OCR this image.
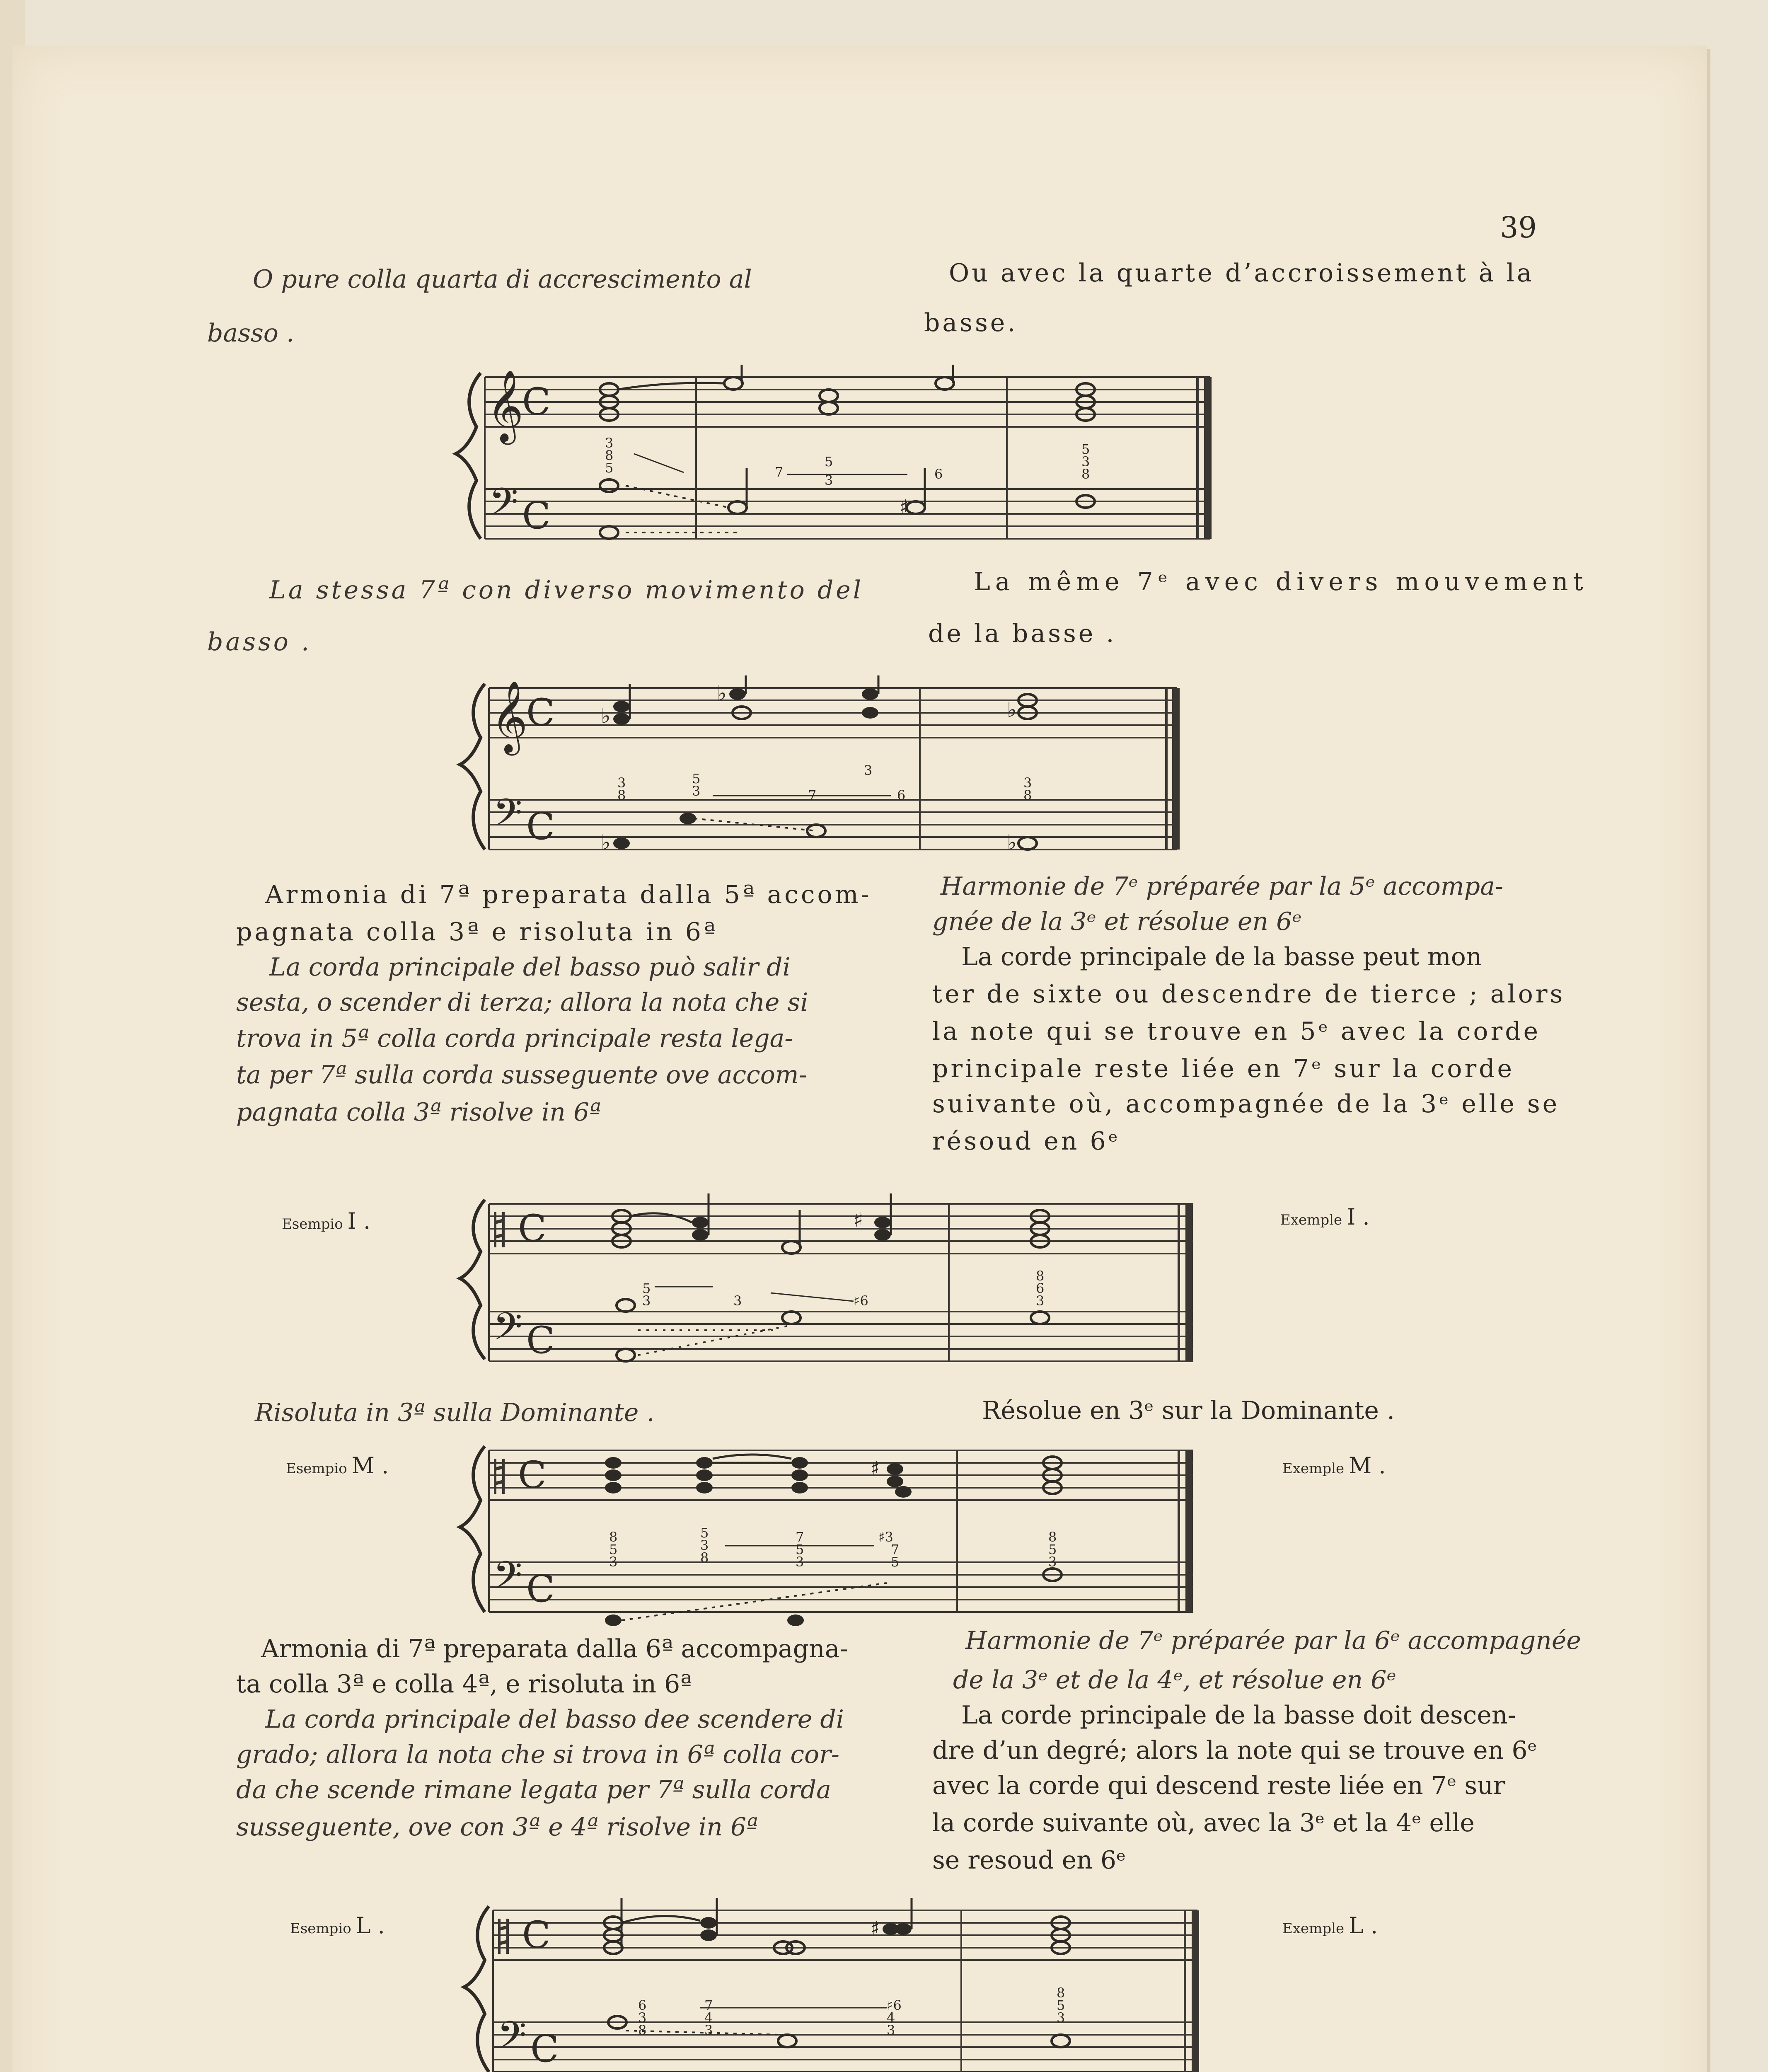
39
O pure colla quarta di accrescimento al
basso .
Ou avec la quarte d’accroissement à la
basse.
𝄞
C
𝄢 C
3
8
5	7
5
3	6
5
3
8
♯
La stessa 7ª con diverso movimento del
basso .
La même 7ᵉ avec divers mouvement
de la basse .
𝄞
C
𝄢 C
♭
♭
♭
♭	♭
3
8
5
3	7
3
6
3
8
Armonia di 7ª preparata dalla 5ª accom-
pagnata colla 3ª e risoluta in 6ª
La corda principale del basso può salir di
sesta, o scender di terza; allora la nota che si
trova in 5ª colla corda principale resta lega-
ta per 7ª sulla corda susseguente ove accom-
pagnata colla 3ª risolve in 6ª
Harmonie de 7ᵉ préparée par la 5ᵉ accompa-
gnée de la 3ᵉ et résolue en 6ᵉ
La corde principale de la basse peut mon
ter de sixte ou descendre de tierce ; alors
la note qui se trouve en 5ᵉ avec la corde
principale reste liée en 7ᵉ sur la corde
suivante où, accompagnée de la 3ᵉ elle se
résoud en 6ᵉ
Esempio I .	Exemple I .
C
𝄢 C
♯
5
3	3	♯6
8
6
3
Risoluta in 3ª sulla Dominante .	Résolue en 3ᵉ sur la Dominante .
Esempio M .	Exemple M .
C
𝄢 C
♯
8
5
3
5
3
8
7
5
3
♯3
7
5
8
5
3
Armonia di 7ª preparata dalla 6ª accompagna-
ta colla 3ª e colla 4ª, e risoluta in 6ª
La corda principale del basso dee scendere di
grado; allora la nota che si trova in 6ª colla cor-
da che scende rimane legata per 7ª sulla corda
susseguente, ove con 3ª e 4ª risolve in 6ª
Harmonie de 7ᵉ préparée par la 6ᵉ accompagnée
de la 3ᵉ et de la 4ᵉ, et résolue en 6ᵉ
La corde principale de la basse doit descen-
dre d’un degré; alors la note qui se trouve en 6ᵉ
avec la corde qui descend reste liée en 7ᵉ sur
la corde suivante où, avec la 3ᵉ et la 4ᵉ elle
se resoud en 6ᵉ
Esempio L .	Exemple L .
C
𝄢 C
♯
6
3
8
7
4
3
♯6
4
3
8
5
3
